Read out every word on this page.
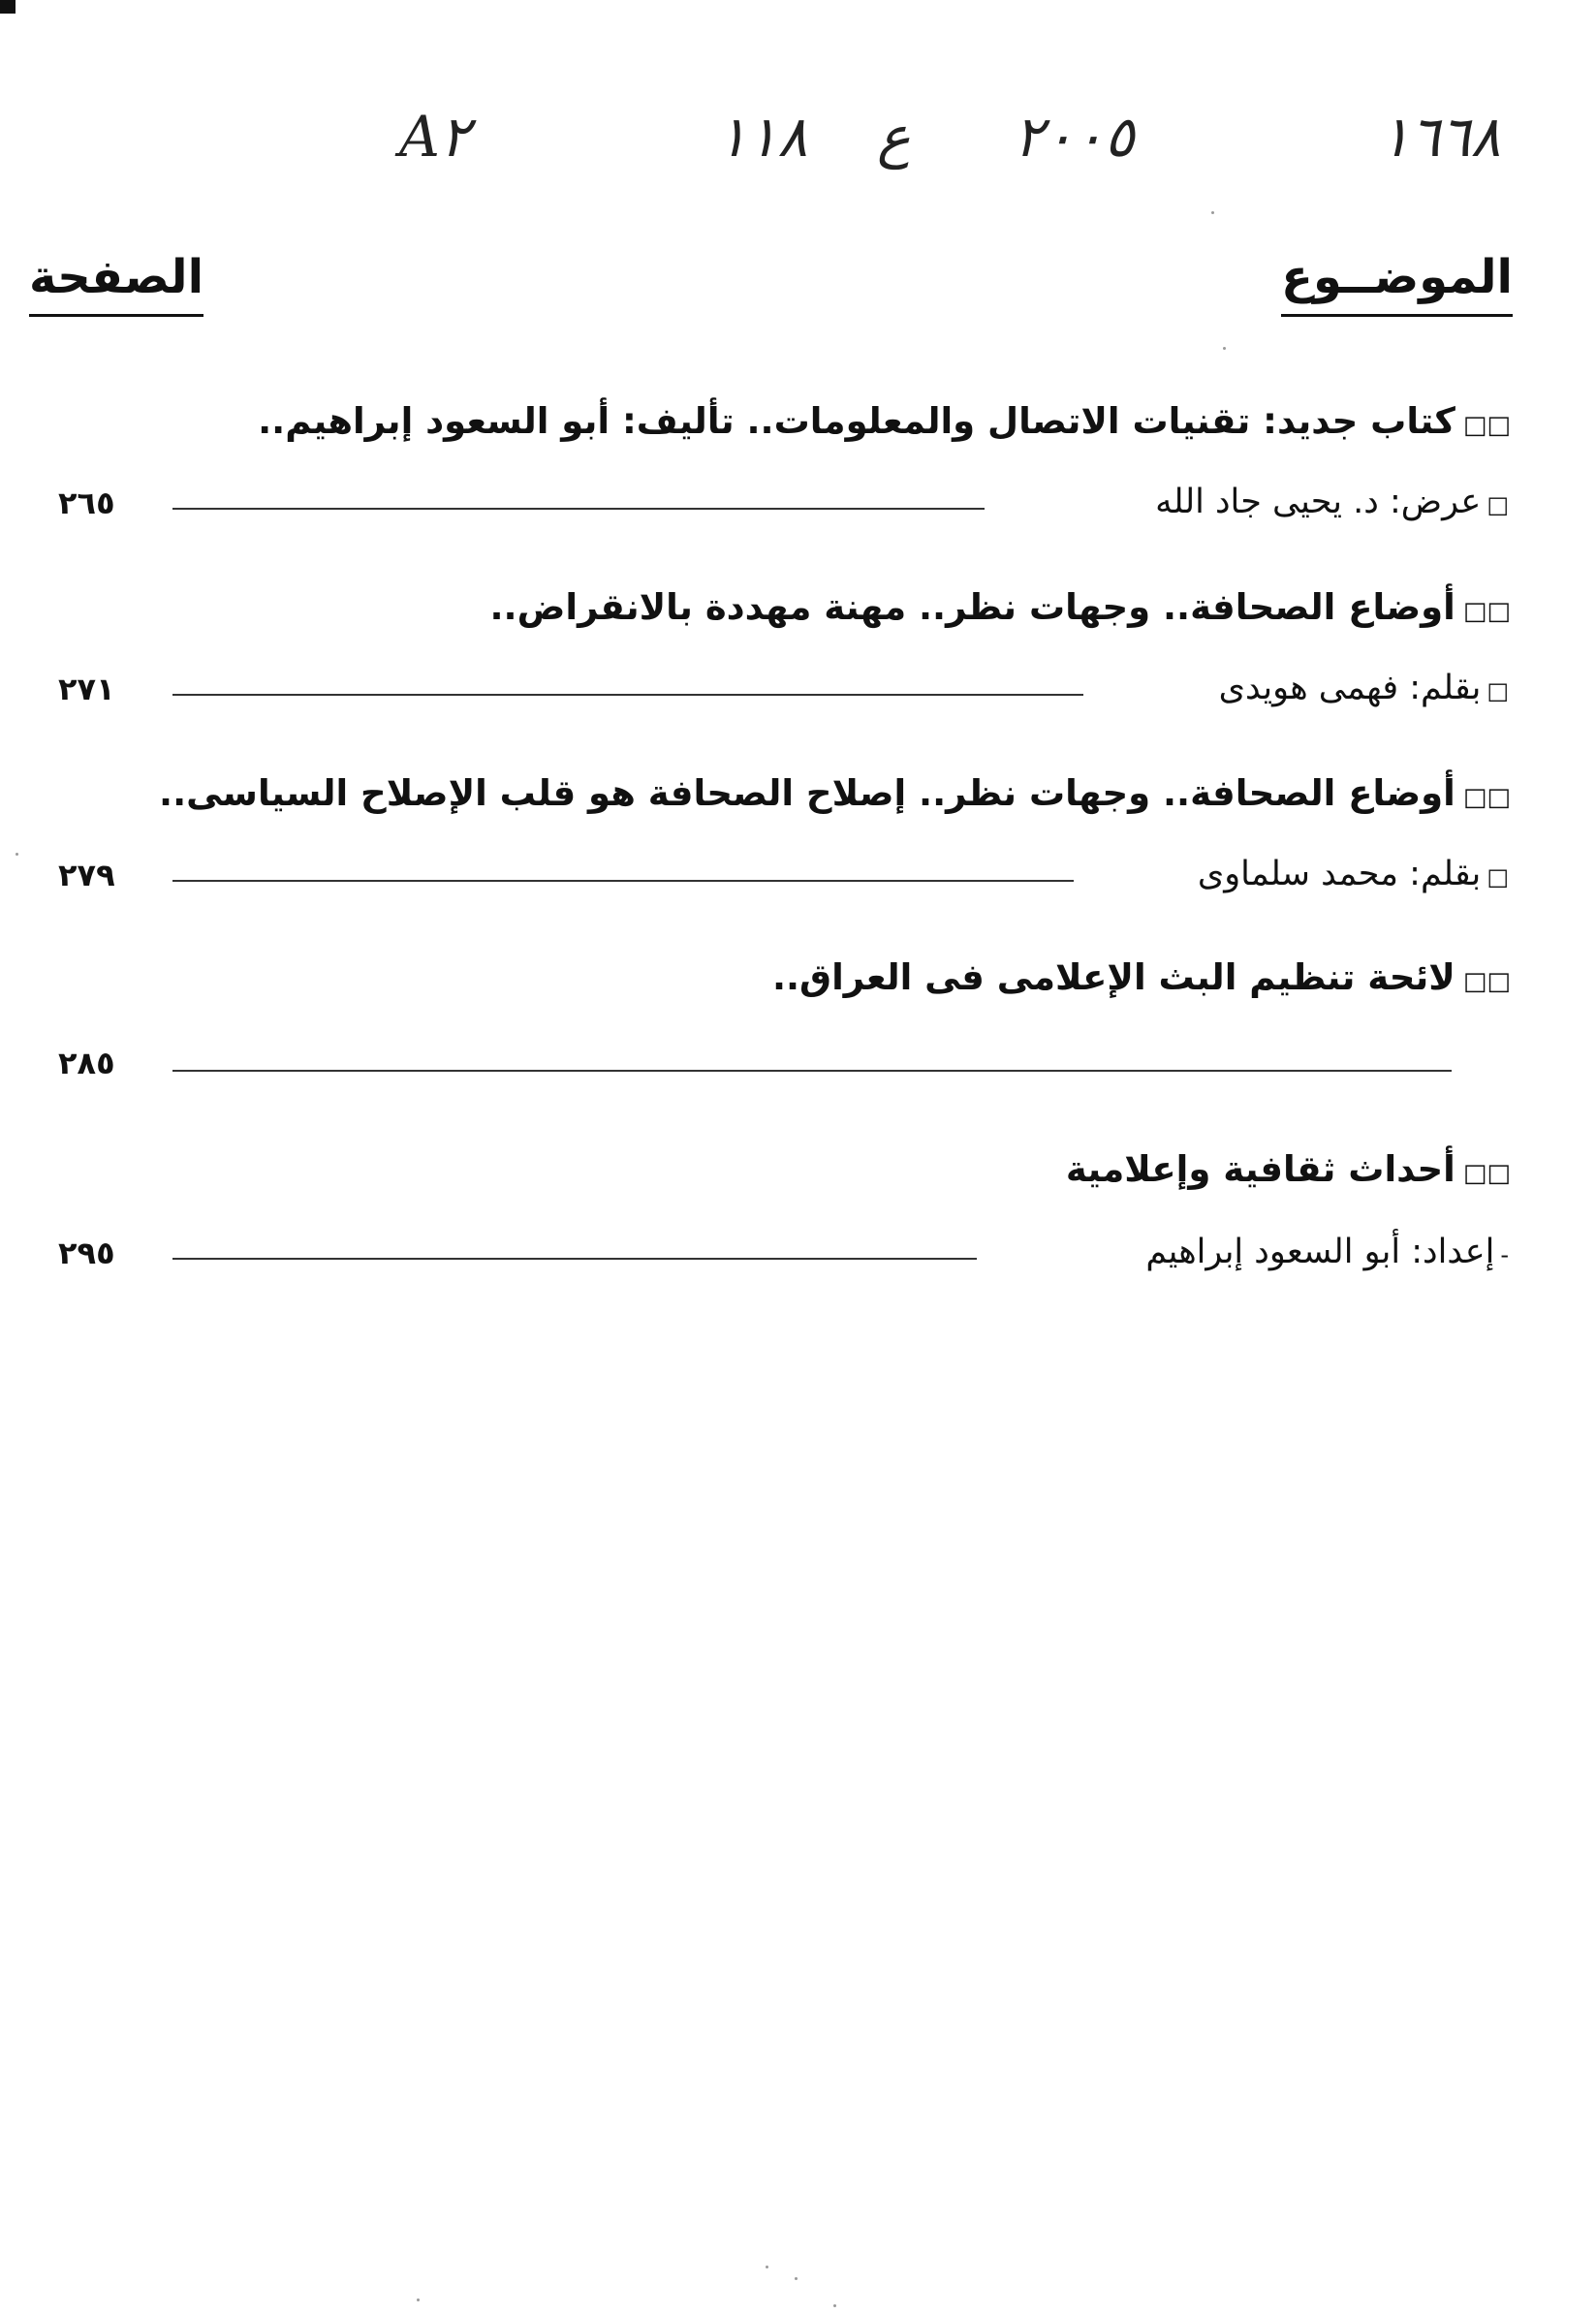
A٢	١١٨ ع ٢٠٠٥	١٦٦٨
الموضــوع
الصفحة
□□كتاب جديد: تقنيات الاتصال والمعلومات.. تأليف: أبو السعود إبراهيم..
٢٦٥	□عرض: د. يحيى جاد الله
□□أوضاع الصحافة.. وجهات نظر.. مهنة مهددة بالانقراض..
٢٧١	□بقلم: فهمى هويدى
□□أوضاع الصحافة.. وجهات نظر.. إصلاح الصحافة هو قلب الإصلاح السياسى..
٢٧٩	□بقلم: محمد سلماوى
□□لائحة تنظيم البث الإعلامى فى العراق..
٢٨٥
□□أحداث ثقافية وإعلامية
٢٩٥	-إعداد: أبو السعود إبراهيم
